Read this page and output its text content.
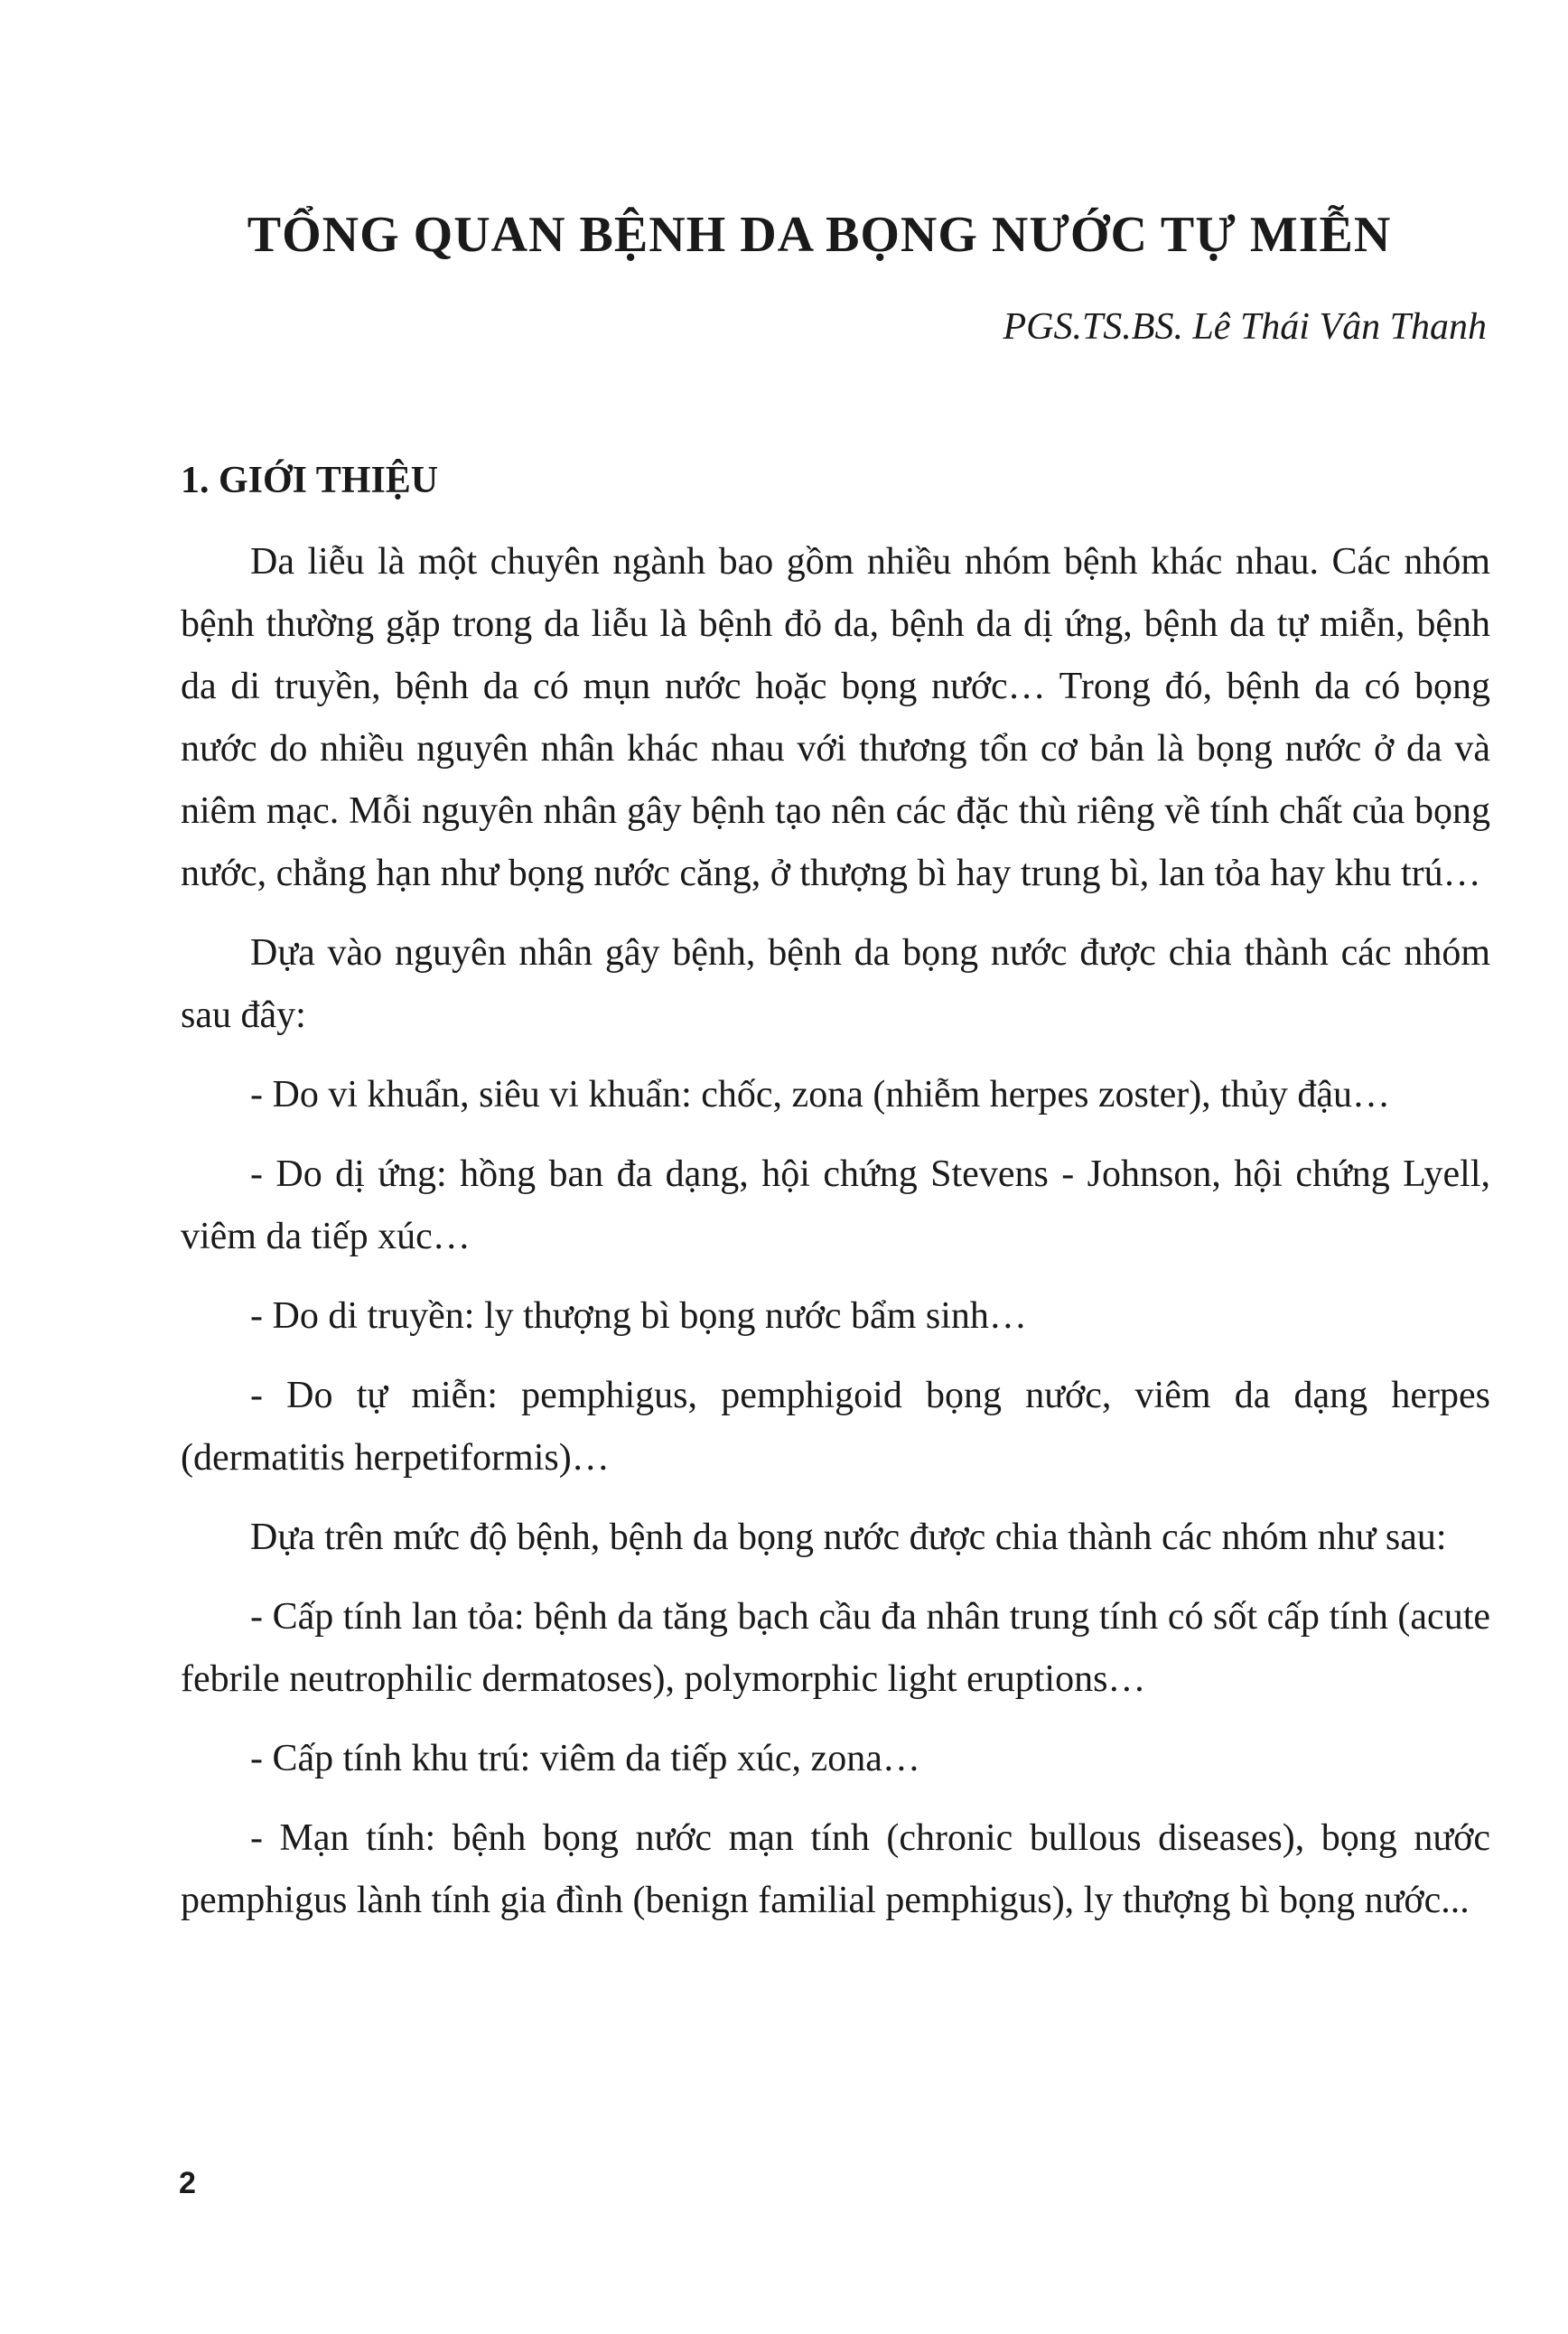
TỔNG QUAN BỆNH DA BỌNG NƯỚC TỰ MIỄN
PGS.TS.BS. Lê Thái Vân Thanh
1. GIỚI THIỆU

Da liễu là một chuyên ngành bao gồm nhiều nhóm bệnh khác nhau. Các nhóm bệnh thường gặp trong da liễu là bệnh đỏ da, bệnh da dị ứng, bệnh da tự miễn, bệnh da di truyền, bệnh da có mụn nước hoặc bọng nước… Trong đó, bệnh da có bọng nước do nhiều nguyên nhân khác nhau với thương tổn cơ bản là bọng nước ở da và niêm mạc. Mỗi nguyên nhân gây bệnh tạo nên các đặc thù riêng về tính chất của bọng nước, chẳng hạn như bọng nước căng, ở thượng bì hay trung bì, lan tỏa hay khu trú…

Dựa vào nguyên nhân gây bệnh, bệnh da bọng nước được chia thành các nhóm sau đây:

- Do vi khuẩn, siêu vi khuẩn: chốc, zona (nhiễm herpes zoster), thủy đậu…

- Do dị ứng: hồng ban đa dạng, hội chứng Stevens - Johnson, hội chứng Lyell, viêm da tiếp xúc…

- Do di truyền: ly thượng bì bọng nước bẩm sinh…

- Do tự miễn: pemphigus, pemphigoid bọng nước, viêm da dạng herpes (dermatitis herpetiformis)…

Dựa trên mức độ bệnh, bệnh da bọng nước được chia thành các nhóm như sau:

- Cấp tính lan tỏa: bệnh da tăng bạch cầu đa nhân trung tính có sốt cấp tính (acute febrile neutrophilic dermatoses), polymorphic light eruptions…

- Cấp tính khu trú: viêm da tiếp xúc, zona…

- Mạn tính: bệnh bọng nước mạn tính (chronic bullous diseases), bọng nước pemphigus lành tính gia đình (benign familial pemphigus), ly thượng bì bọng nước...

2
